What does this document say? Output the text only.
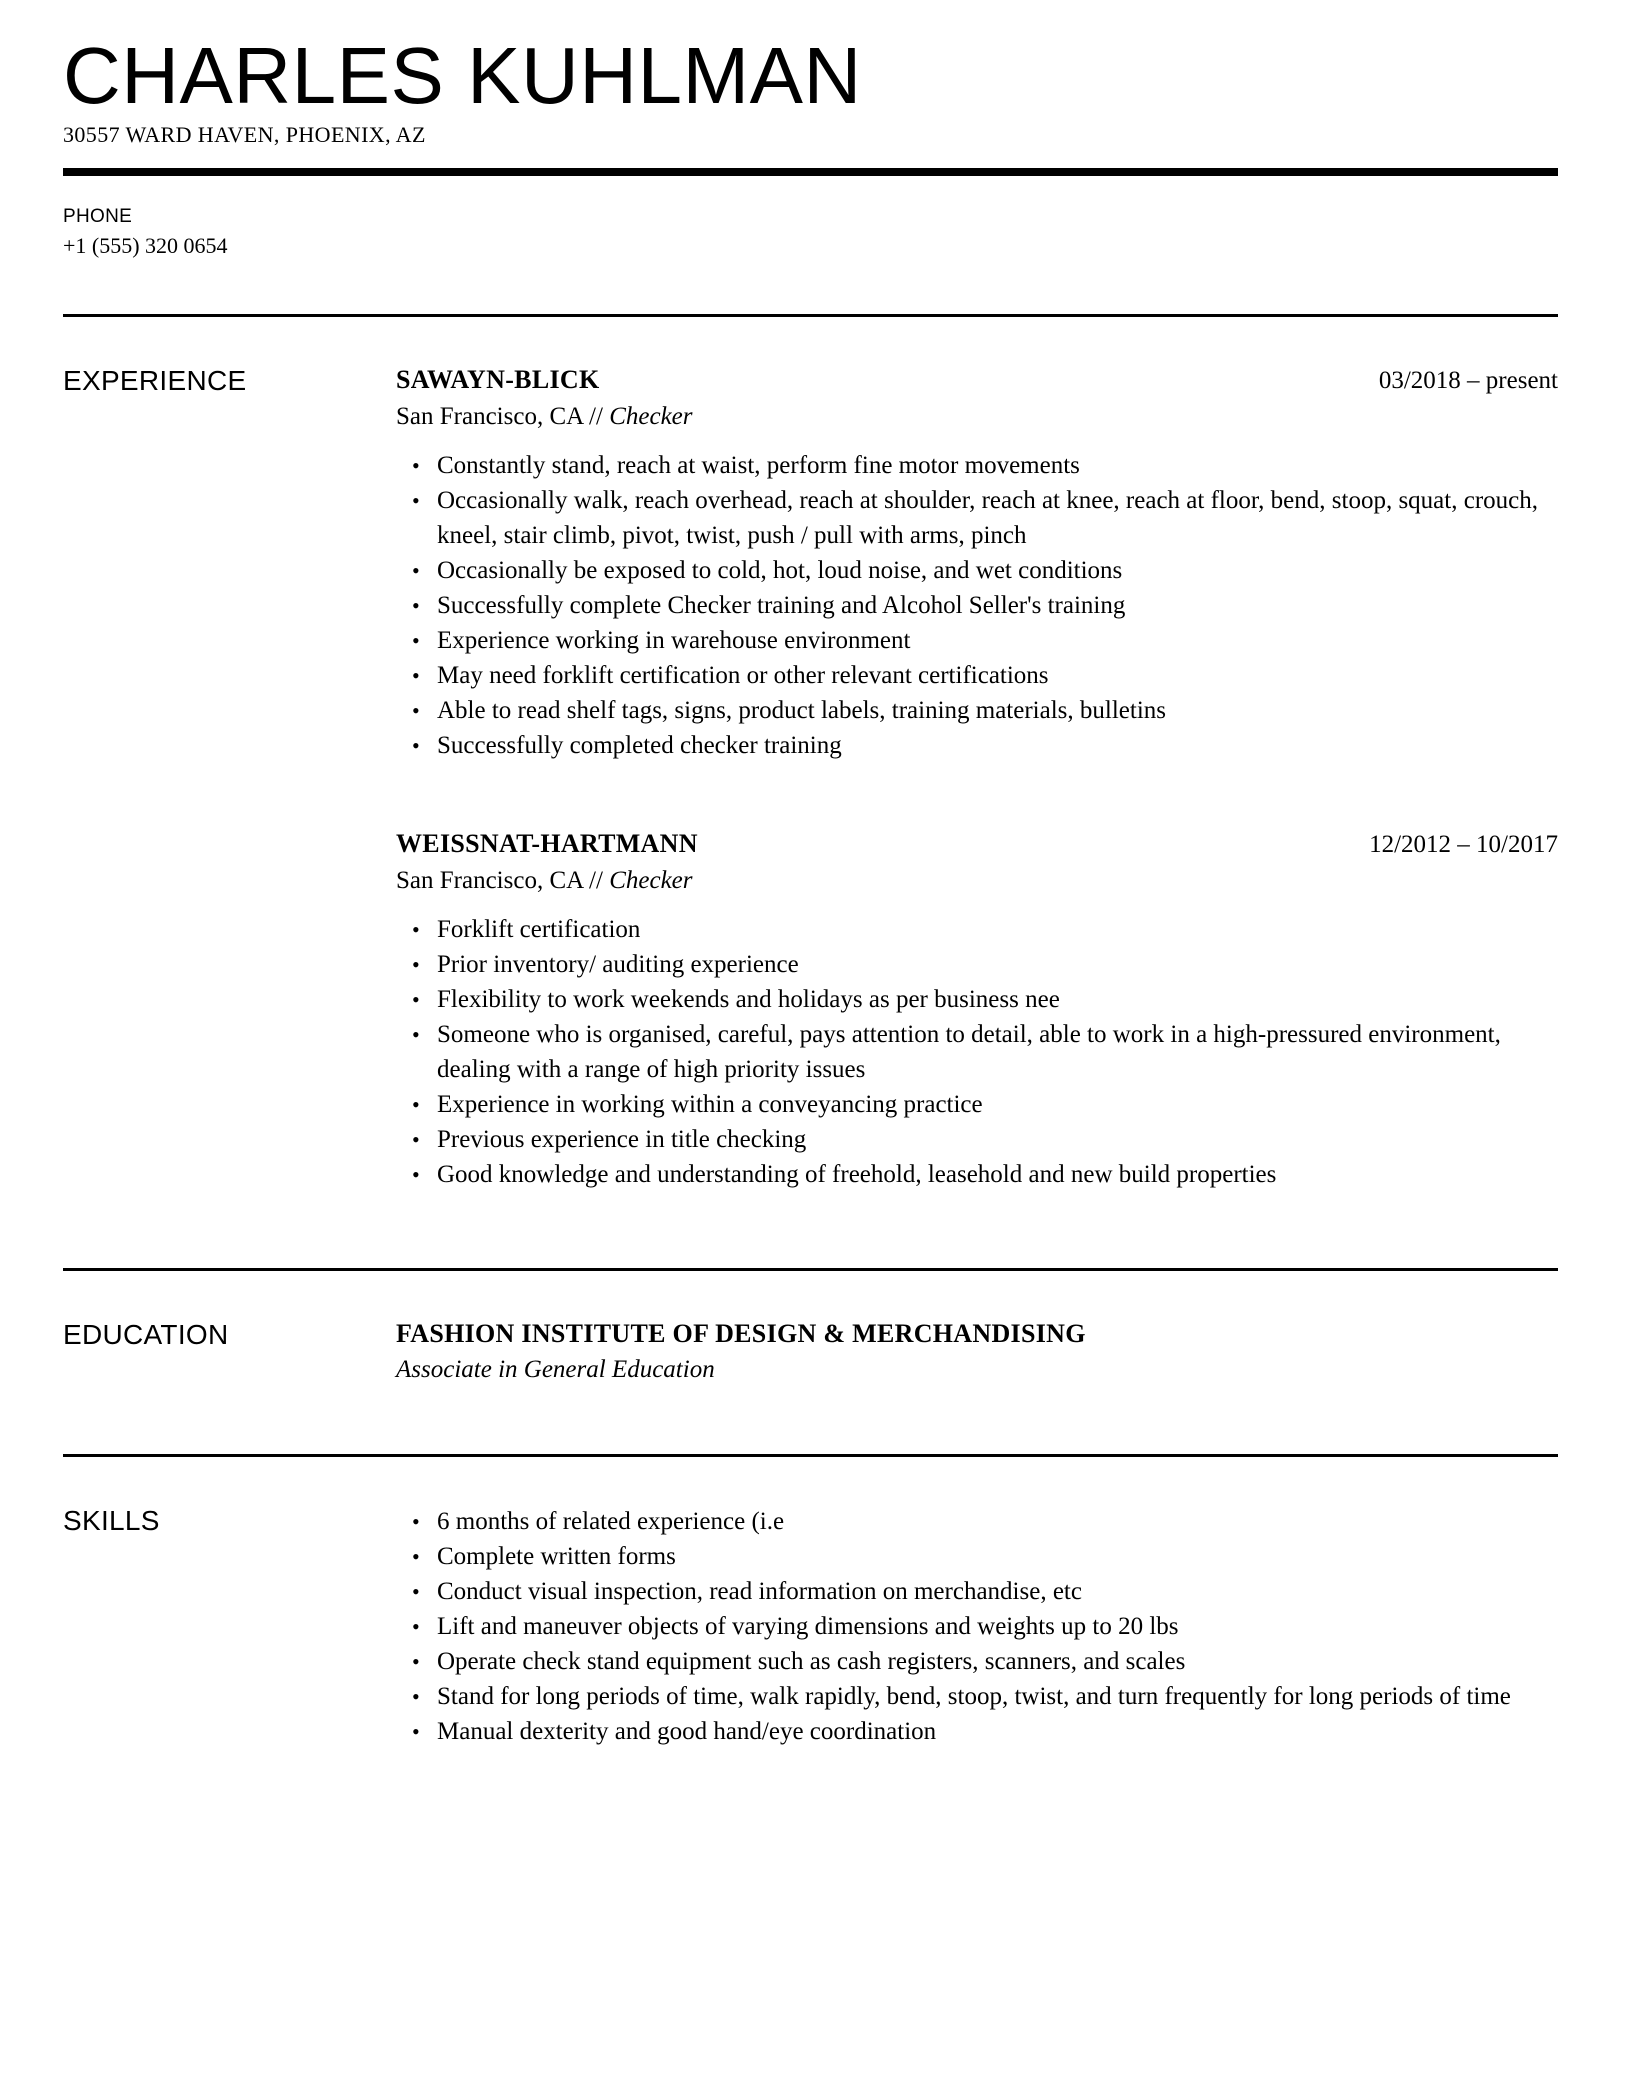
CHARLES KUHLMAN
30557 WARD HAVEN, PHOENIX, AZ
PHONE
+1 (555) 320 0654
EXPERIENCE	SAWAYN-BLICK	03/2018 – present
San Francisco, CA // Checker
• Constantly stand, reach at waist, perform fine motor movements
• Occasionally walk, reach overhead, reach at shoulder, reach at knee, reach at floor, bend, stoop, squat, crouch, kneel, stair climb, pivot, twist, push / pull with arms, pinch
• Occasionally be exposed to cold, hot, loud noise, and wet conditions
• Successfully complete Checker training and Alcohol Seller's training
• Experience working in warehouse environment
• May need forklift certification or other relevant certifications
• Able to read shelf tags, signs, product labels, training materials, bulletins
• Successfully completed checker training
WEISSNAT-HARTMANN	12/2012 – 10/2017
San Francisco, CA // Checker
• Forklift certification
• Prior inventory/ auditing experience
• Flexibility to work weekends and holidays as per business nee
• Someone who is organised, careful, pays attention to detail, able to work in a high-pressured environment, dealing with a range of high priority issues
• Experience in working within a conveyancing practice
• Previous experience in title checking
• Good knowledge and understanding of freehold, leasehold and new build properties
EDUCATION	FASHION INSTITUTE OF DESIGN & MERCHANDISING
Associate in General Education
SKILLS	• 6 months of related experience (i.e
• Complete written forms
• Conduct visual inspection, read information on merchandise, etc
• Lift and maneuver objects of varying dimensions and weights up to 20 lbs
• Operate check stand equipment such as cash registers, scanners, and scales
• Stand for long periods of time, walk rapidly, bend, stoop, twist, and turn frequently for long periods of time
• Manual dexterity and good hand/eye coordination
